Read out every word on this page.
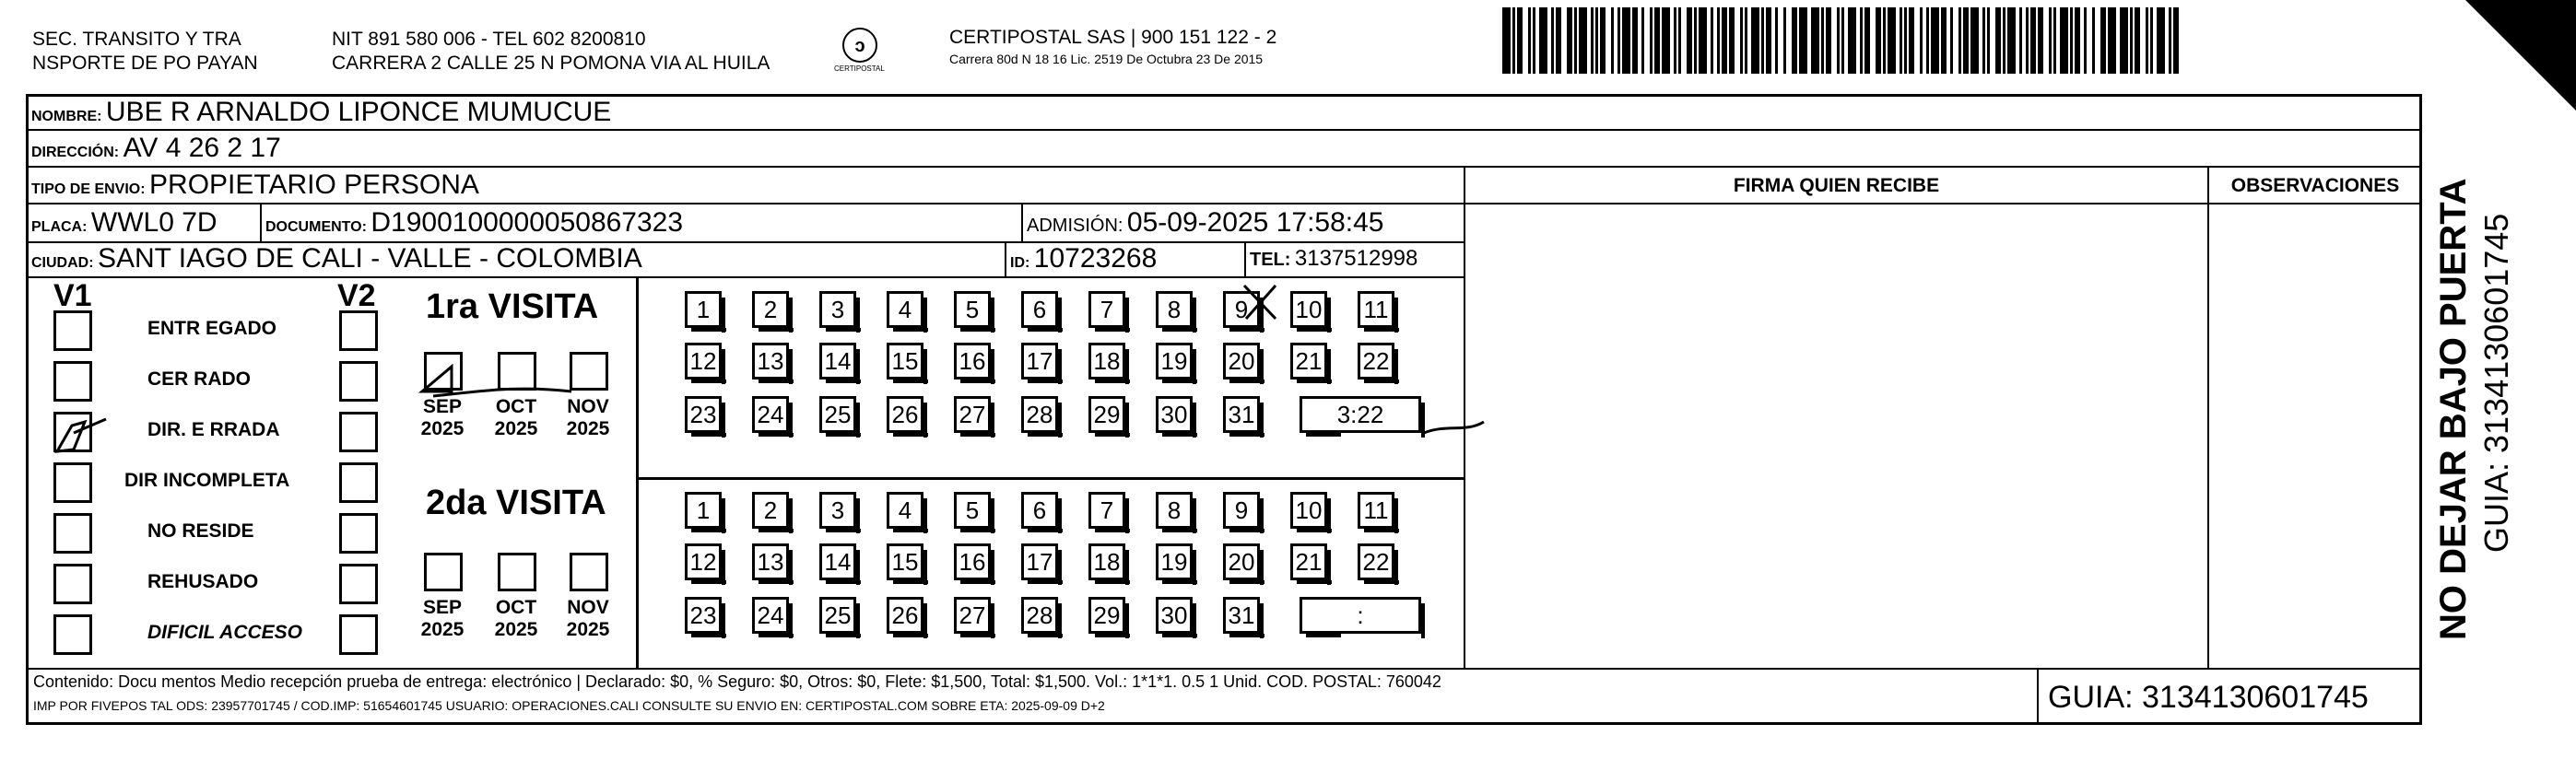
SEC. TRANSITO Y TRA
NSPORTE DE PO PAYAN
NIT 891 580 006 - TEL 602 8200810
CARRERA 2 CALLE 25 N POMONA VIA AL HUILA
ↄ
CERTIPOSTAL
CERTIPOSTAL SAS | 900 151 122 - 2
Carrera 80d N 18 16 Lic. 2519 De Octubra 23 De 2015
NOMBRE: UBE R ARNALDO LIPONCE MUMUCUE
DIRECCIÓN: AV 4 26 2 17
TIPO DE ENVIO: PROPIETARIO PERSONA	FIRMA QUIEN RECIBE	OBSERVACIONES
PLACA: WWL0 7D	DOCUMENTO: D1900100000050867323	ADMISIÓN: 05-09-2025 17:58:45
CIUDAD: SANT IAGO DE CALI - VALLE - COLOMBIA	ID: 10723268	TEL: 3137512998
V1	V2
ENTR EGADO
CER RADO
DIR. E RRADA
DIR INCOMPLETA
NO RESIDE
REHUSADO
DIFICIL ACCESO
1ra VISITA
SEP
2025
OCT
2025
NOV
2025
1	2	3	4	5	6	7	8	9	10 11
12 13 14 15 16 17 18 19 20 21 22
23 24 25 26 27 28 29 30 31	3:22
2da VISITA
SEP
2025
OCT
2025
NOV
2025
1	2	3	4	5	6	7	8	9	10 11
12 13 14 15 16 17 18 19 20 21 22
23 24 25 26 27 28 29 30 31	:
Contenido: Docu mentos Medio recepción prueba de entrega: electrónico | Declarado: $0, % Seguro: $0, Otros: $0, Flete: $1,500, Total: $1,500. Vol.: 1*1*1. 0.5 1 Unid. COD. POSTAL: 760042
IMP POR FIVEPOS TAL ODS: 23957701745 / COD.IMP: 51654601745 USUARIO: OPERACIONES.CALI CONSULTE SU ENVIO EN: CERTIPOSTAL.COM SOBRE ETA: 2025-09-09 D+2	GUIA: 3134130601745
NO DEJAR BAJO PUERTA GUIA: 3134130601745
